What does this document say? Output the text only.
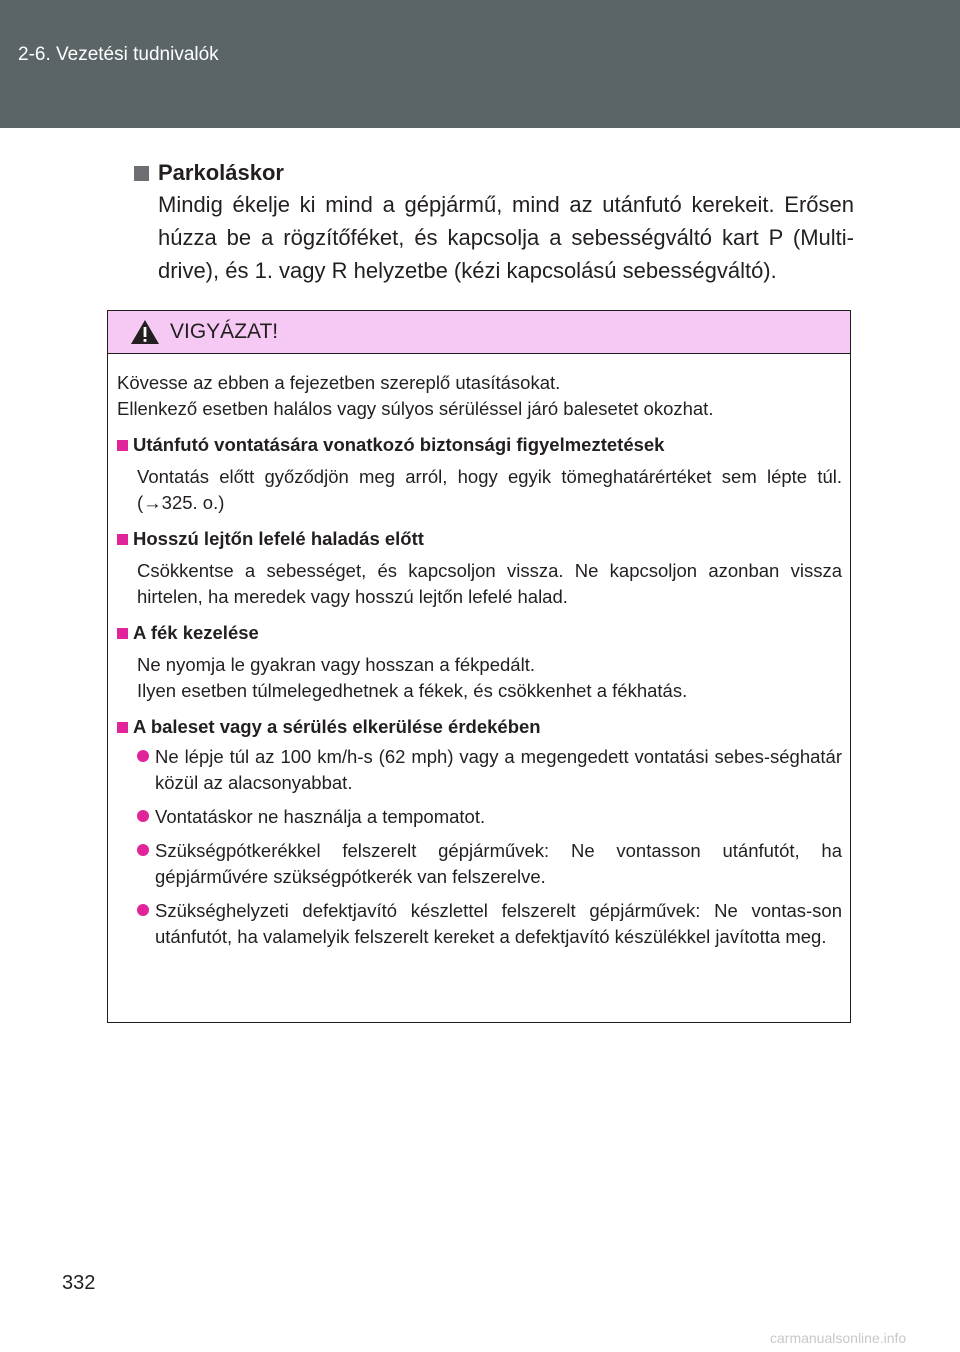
2-6. Vezetési tudnivalók
Parkoláskor
Mindig ékelje ki mind a gépjármű, mind az utánfutó kerekeit. Erősen húzza be a rögzítőféket, és kapcsolja a sebességváltó kart P (Multi-drive), és 1. vagy R helyzetbe (kézi kapcsolású sebességváltó).
VIGYÁZAT!
Kövesse az ebben a fejezetben szereplő utasításokat.
Ellenkező esetben halálos vagy súlyos sérüléssel járó balesetet okozhat.
Utánfutó vontatására vonatkozó biztonsági figyelmeztetések
Vontatás előtt győződjön meg arról, hogy egyik tömeghatárértéket sem lépte túl. (→325. o.)
Hosszú lejtőn lefelé haladás előtt
Csökkentse a sebességet, és kapcsoljon vissza. Ne kapcsoljon azonban vissza hirtelen, ha meredek vagy hosszú lejtőn lefelé halad.
A fék kezelése
Ne nyomja le gyakran vagy hosszan a fékpedált.
Ilyen esetben túlmelegedhetnek a fékek, és csökkenhet a fékhatás.
A baleset vagy a sérülés elkerülése érdekében
Ne lépje túl az 100 km/h-s (62 mph) vagy a megengedett vontatási sebes-séghatár közül az alacsonyabbat.
Vontatáskor ne használja a tempomatot.
Szükségpótkerékkel felszerelt gépjárművek: Ne vontasson utánfutót, ha gépjárművére szükségpótkerék van felszerelve.
Szükséghelyzeti defektjavító készlettel felszerelt gépjárművek: Ne vontas-son utánfutót, ha valamelyik felszerelt kereket a defektjavító készülékkel javította meg.
332
carmanualsonline.info
